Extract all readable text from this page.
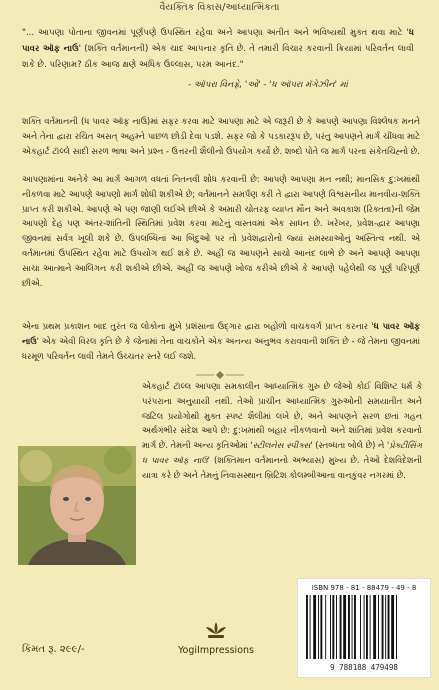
વૈયક્તિક વિકાસ/આધ્યાત્મિકતા
"... આપણા પોતાના જીવનમાં પૂર્ણપણે ઉપસ્થિત રહેવા અને આપણા અતીત અને ભવિષ્યથી મુક્ત થવા માટે 'ધ પાવર ઑફ નાઉ' (શક્તિ વર્તમાનની) એક ચાદ આપનાર કૃતિ છે. તે તમારી વિચાર કરવાની ક્રિયામાં પરિવર્તન લાવી શકે છે. પરિણામ? ઠીક આજ ક્ષણે અધિક ઉલ્લાસ, પરમ આનંદ."
- ઑપરા વિનફ્રે, 'ઓ' - 'ધ ઑપરા મૅગેઝીન' માં
શક્તિ વર્તમાનની (ધ પાવર ઑફ નાઉ)માં સફર કરવા માટે આપણા માટે એ જરૂરી છે કે આપણે આપણા વિશ્લેષક મનને અને તેના દ્વારા રચિત અસત્ અહમ્ને પાછળ છોડી દેવા પડશે. સફર જો કે પડકારરૂપ છે, પરંતુ આપણને માર્ગ ચીંધવા માટે એકહાર્ટ ટૉલ્લે સાદી સરળ ભાષા અને પ્રશ્ન - ઉત્તરની શૈલીનો ઉપયોગ કર્યો છે. શબ્દો પોતે જ માર્ગ પરના સંકેતચિહ્નો છે.
આપણામાંના અનેકે આ માર્ગ આગળ વધતાં નિતનવી શોધ કરવાની છે: આપણે આપણા મન નથી; માનસિક દુ:ખમાંથી નીકળવા માટે આપણે આપણો માર્ગ શોધી શકીએ છે; વર્તમાનને સમર્પણ કરી તે દ્વારા આપણે વિશ્વસનીય માનવીય-શક્તિ પ્રાપ્ત કરી શકીએ. આપણે એ પણ જાણી લઈએ છીએ કે અમારી ચોતરફ વ્યાપ્ત મૌન અને અવકાશ (રિક્તતા)ની જેમ આપણો દેહ પણ અંતર-શાંતિની સ્થિતિમાં પ્રવેશ કરવા માટેનું વાસ્તવમાં એક સાધન છે. ખરેખર, પ્રવેશ-દ્વાર આપણા જીવનમાં સર્વત્ર ખૂલી શકે છે. ઉપલબ્ધિનાં આ બિંદુઓ પર તો પ્રવેશદ્વારોનો જ્યાં સમસ્યાઓનું અસ્તિત્વ નથી. એ વર્તમાનમાં ઉપસ્થિત રહેવા માટે ઉપયોગ થઈ શકે છે. અહીં જ આપણને સાચો આનંદ લાભે છે અને આપણે આપણા સાચા આત્માને આલિંગન કરી શકીએ છીએ. અહીં જ આપણે ખોજ કરીએ છીએ કે આપણે પહેલેથી જ પૂર્ણ પરિપૂર્ણ છીએ.
એના પ્રથમ પ્રકાશન બાદ તુરંત જ લોકોના મુખે પ્રશંસાના ઉદ્ગાર દ્વારા બહોળો વાચકવર્ગ પ્રાપ્ત કરનાર 'ધ પાવર ઑફ નાઉ' એક એવી વિરલ કૃતિ છે કે જેનામાં તેના વાચકોને એક અનન્ય અનુભવ કરાવવાની શક્તિ છે - જે તેમના જીવનમાં ધરમૂળ પરિવર્તન લાવી તેમને ઉચ્ચતર સ્તરે લઈ જશે.
એકહાર્ટ ટૉલ્લ આપણા સમકાલીન આધ્યાત્મિક ગુરુ છે જેઓ કોઈ વિશિષ્ટ ધર્મ કે પરંપરાના અનુયાયી નથી. તેઓ પ્રાચીન આધ્યાત્મિક ગુરુઓની સમયાતીત અને જટિલ પ્રયોગોથી મુક્ત સ્પષ્ટ શૈલીમાં લખે છે, અને આપણને સરળ છતાં ગહન અર્થગંભીર સંદેશ આપે છે: દુ:ખમાંથી બહાર નીકળવાનો અને શાંતિમાં પ્રવેશ કરવાનો માર્ગ છે. તેમની અન્ય કૃતિઓમાં 'સ્ટીલનેસ સ્પીક્સ' (સ્તબ્ધતા બોલે છે) ને 'પ્રેક્ટીસિંગ ધ પાવર ઑફ નાઉ' (શક્તિમાન વર્તમાનનો અભ્યાસ) મુખ્ય છે. તેઓ દેશવિદેશની યાત્રા કરે છે અને તેમનું નિવાસસ્થાન બ્રિટિશ કોલમ્બીઆના વાનકુંવર નગરમાં છે.
ISBN 978 - 81 - 88479 - 49 - 8
9 788188 479498
કિંમત રૂ. ૨૯૯/-	YogiImpressions
